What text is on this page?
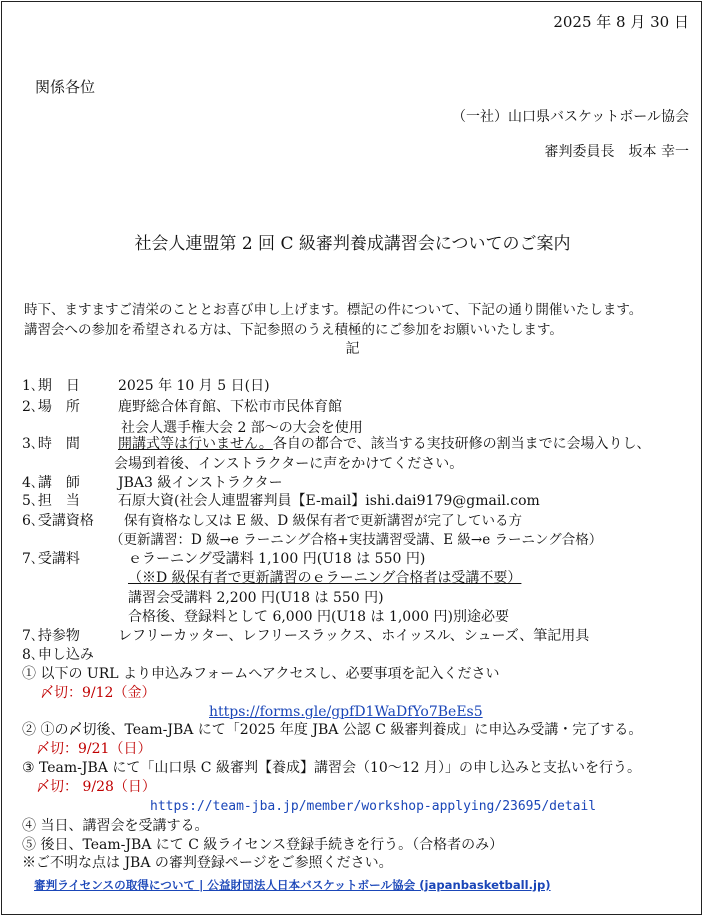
2025 年 8 月 30 日
関係各位
（一社）山口県バスケットボール協会
審判委員長　坂本 幸一
社会人連盟第 2 回 C 級審判養成講習会についてのご案内
時下、ますますご清栄のこととお喜び申し上げます。標記の件について、下記の通り開催いたします。
講習会への参加を希望される方は、下記参照のうえ積極的にご参加をお願いいたします。
記
1､期　日	2025 年 10 月 5 日(日)
2､場　所	鹿野総合体育館、下松市市民体育館
社会人選手権大会 2 部～の大会を使用
3､時　間	開講式等は行いません。各自の都合で、該当する実技研修の割当までに会場入りし、
会場到着後、インストラクターに声をかけてください。
4､講　師	JBA3 級インストラクター
5､担　当	石原大資(社会人連盟審判員【E-mail】ishi.dai9179@gmail.com
6､受講資格 保有資格なし又は E 級、D 級保有者で更新講習が完了している方
（更新講習：D 級→e ラーニング合格+実技講習受講、E 級→e ラーニング合格）
7､受講料	ｅラーニング受講料 1,100 円(U18 は 550 円)
（※D 級保有者で更新講習のｅラーニング合格者は受講不要）
講習会受講料 2,200 円(U18 は 550 円)
合格後、登録料として 6,000 円(U18 は 1,000 円)別途必要
7､持参物	レフリーカッター、レフリースラックス、ホイッスル、シューズ、筆記用具
8､申し込み
① 以下の URL より申込みフォームへアクセスし、必要事項を記入ください
〆切：9/12（金）
https://forms.gle/gpfD1WaDfYo7BeEs5
② ①の〆切後、Team-JBA にて「2025 年度 JBA 公認 C 級審判養成」に申込み受講・完了する。
〆切：9/21（日）
③ Team-JBA にて「山口県 C 級審判【養成】講習会（10～12 月）」の申し込みと支払いを行う。
〆切： 9/28（日）
https://team-jba.jp/member/workshop-applying/23695/detail
④ 当日、講習会を受講する。
⑤ 後日、Team-JBA にて C 級ライセンス登録手続きを行う。（合格者のみ）
※ご不明な点は JBA の審判登録ページをご参照ください。
審判ライセンスの取得について | 公益財団法人日本バスケットボール協会 (japanbasketball.jp)
